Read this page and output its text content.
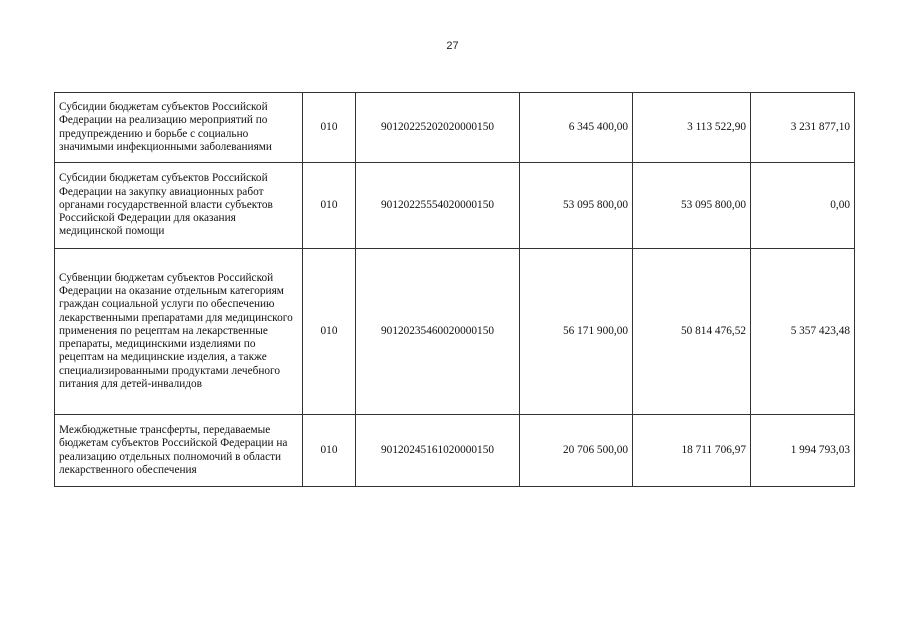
27
Субсидии бюджетам субъектов Российской Федерации на реализацию мероприятий по предупреждению и борьбе с социально значимыми инфекционными заболеваниями	010	90120225202020000150	6 345 400,00	3 113 522,90	3 231 877,10
Субсидии бюджетам субъектов Российской Федерации на закупку авиационных работ органами государственной власти субъектов Российской Федерации для оказания медицинской помощи	010	90120225554020000150	53 095 800,00	53 095 800,00	0,00
Субвенции бюджетам субъектов Российской Федерации на оказание отдельным категориям граждан социальной услуги по обеспечению лекарственными препаратами для медицинского применения по рецептам на лекарственные препараты, медицинскими изделиями по рецептам на медицинские изделия, а также специализированными продуктами лечебного питания для детей-инвалидов	010	90120235460020000150	56 171 900,00	50 814 476,52	5 357 423,48
Межбюджетные трансферты, передаваемые бюджетам субъектов Российской Федерации на реализацию отдельных полномочий в области лекарственного обеспечения	010	90120245161020000150	20 706 500,00	18 711 706,97	1 994 793,03
